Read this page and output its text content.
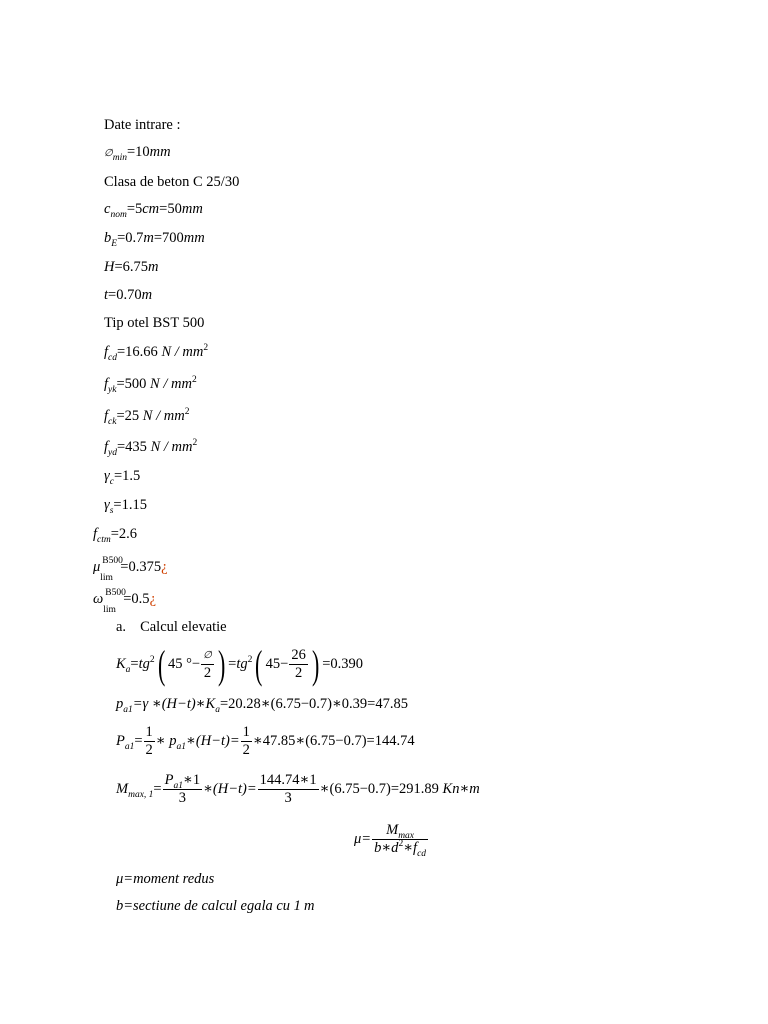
Date intrare :
$\emptyset_{min}=10mm$
Clasa de beton C 25/30
$c_{nom}=5cm=50mm$
$b_E=0.7m=700mm$
H=6.75m
t=0.70m
Tip otel BST 500
$f_{cd}=16.66$ N / $mm^2$
$f_{yk}=500$ N / $mm^2$
$f_{ck}=25$ N / $mm^2$
$f_{yd}=435$ N / $mm^2$
$\gamma_c=1.5$
$\gamma_s=1.15$
$f_{ctm}=2.6$
μ B500
lim
=0.375¿
ω B500
lim
=0.5¿
a. Calcul elevatie
$K_a=tg^2$( 45 °− $\frac{\emptyset}{2}$ ) $=tg^2$( $45- \frac{26}{2}$ ) =0.390
$p_{a1}=\gamma$ $∗(H-t)∗K_a=20.28∗(6.75-0.7)∗0.39=47.85$
$P_{a1}= \frac{1}{2}$ ∗ $p_{a1}∗(H-t)= \frac{1}{2}$ ∗47.85∗(6.75−0.7)=144.74
$M_{max, 1}= \frac{P_{a1}∗1}{3}$ ∗(H−t)= $\frac{144.74∗1}{3}$ ∗(6.75−0.7)=291.89 Kn∗m
$\mu= \frac{M_{max}}{b∗d^2∗f_{cd}}$
μ=moment redus
b=sectiune de calcul egala cu 1 m
